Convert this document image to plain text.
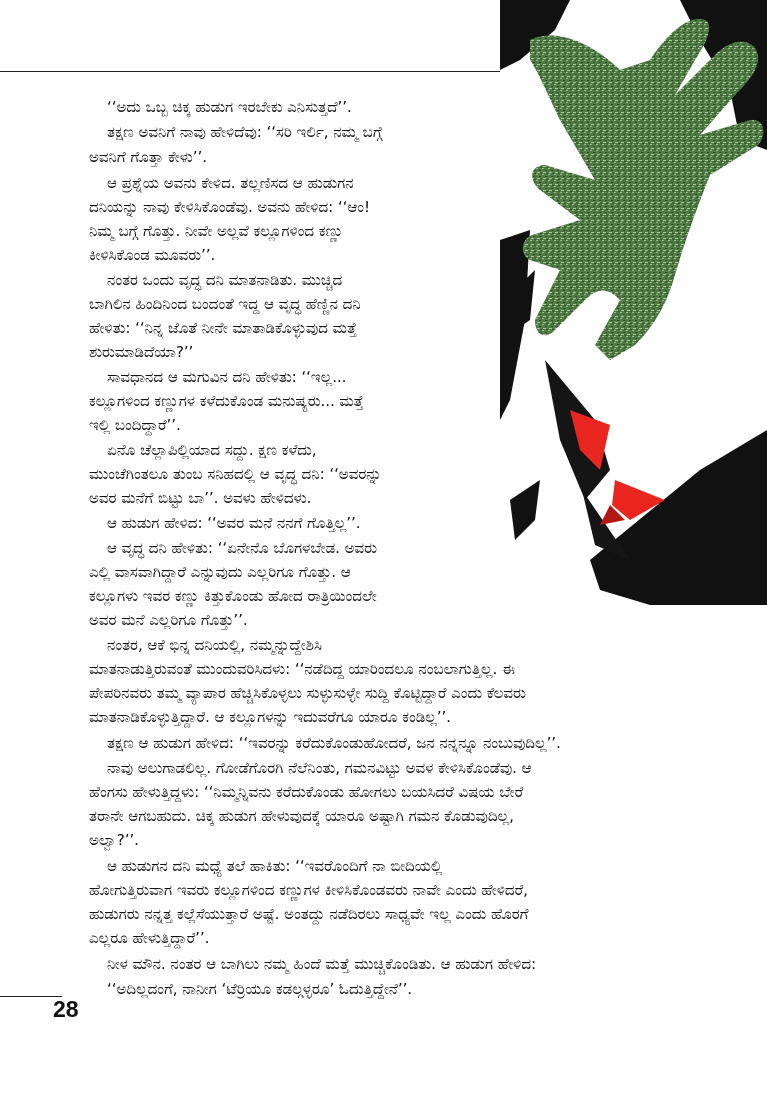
‘‘ಅದು ಒಬ್ಬ ಚಿಕ್ಕ ಹುಡುಗ ಇರಬೇಕು ಎನಿಸುತ್ತದೆ’’.
ತಕ್ಷಣ ಅವನಿಗೆ ನಾವು ಹೇಳಿದೆವು: ‘‘ಸರಿ ಇರ್ಲಿ, ನಮ್ಮ ಬಗ್ಗೆ
ಅವನಿಗೆ ಗೊತ್ತಾ ಕೇಳು’’.
ಆ ಪ್ರಶ್ನೆಯ ಅವನು ಕೇಳಿದ. ತಲ್ಲಣಿಸದ ಆ ಹುಡುಗನ
ದನಿಯನ್ನು ನಾವು ಕೇಳಿಸಿಕೊಂಡೆವು. ಅವನು ಹೇಳಿದ: ‘‘ಆಂ!
ನಿಮ್ಮ ಬಗ್ಗೆ ಗೊತ್ತು. ನೀವೇ ಅಲ್ಲವೆ ಕಲ್ಲೂಗಳಿಂದ ಕಣ್ಣು
ಕೀಳಿಸಿಕೊಂಡ ಮೂವರು’’.
ನಂತರ ಒಂದು ವೃದ್ಧ ದನಿ ಮಾತನಾಡಿತು. ಮುಚ್ಚಿದ
ಬಾಗಿಲಿನ ಹಿಂದಿನಿಂದ ಬಂದಂತೆ ಇದ್ದ ಆ ವೃದ್ಧ ಹೆಣ್ಣಿನ ದನಿ
ಹೇಳಿತು: ‘‘ನಿನ್ನ ಜೊತೆ ನೀನೇ ಮಾತಾಡಿಕೊಳ್ಳುವುದ ಮತ್ತೆ
ಶುರುಮಾಡಿದೆಯಾ?’’
ಸಾವಧಾನದ ಆ ಮಗುವಿನ ದನಿ ಹೇಳಿತು: ‘‘ಇಲ್ಲ...
ಕಲ್ಲೂಗಳಿಂದ ಕಣ್ಣುಗಳ ಕಳೆದುಕೊಂಡ ಮನುಷ್ಯರು... ಮತ್ತೆ
ಇಲ್ಲಿ ಬಂದಿದ್ದಾರೆ’’.
ಏನೊ ಚೆಲ್ಲಾಪಿಲ್ಲಿಯಾದ ಸದ್ದು. ಕ್ಷಣ ಕಳೆದು,
ಮುಂಚೆಗಿಂತಲೂ ತುಂಬ ಸನಿಹದಲ್ಲಿ ಆ ವೃದ್ಧ ದನಿ: ‘‘ಅವರನ್ನು
ಅವರ ಮನೆಗೆ ಬಿಟ್ಟು ಬಾ’’. ಅವಳು ಹೇಳಿದಳು.
ಆ ಹುಡುಗ ಹೇಳಿದ: ‘‘ಅವರ ಮನೆ ನನಗೆ ಗೊತ್ತಿಲ್ಲ’’.
ಆ ವೃದ್ಧ ದನಿ ಹೇಳಿತು: ‘‘ಏನೇನೊ ಬೊಗಳಬೇಡ. ಅವರು
ಎಲ್ಲಿ ವಾಸವಾಗಿದ್ದಾರೆ ಎನ್ನುವುದು ಎಲ್ಲರಿಗೂ ಗೊತ್ತು. ಆ
ಕಲ್ಲೂಗಳು ಇವರ ಕಣ್ಣು ಕಿತ್ತುಕೊಂಡು ಹೋದ ರಾತ್ರಿಯಿಂದಲೇ
ಅವರ ಮನೆ ಎಲ್ಲರಿಗೂ ಗೊತ್ತು’’.
ನಂತರ, ಆಕೆ ಭಿನ್ನ ದನಿಯಲ್ಲಿ, ನಮ್ಮನ್ನುದ್ದೇಶಿಸಿ
ಮಾತನಾಡುತ್ತಿರುವಂತೆ ಮುಂದುವರಿಸಿದಳು: ‘‘ನಡೆದಿದ್ದ ಯಾರಿಂದಲೂ ನಂಬಲಾಗುತ್ತಿಲ್ಲ. ಈ
ಪೇಪರಿನವರು ತಮ್ಮ ವ್ಯಾಪಾರ ಹೆಚ್ಚಿಸಿಕೊಳ್ಳಲು ಸುಳ್ಳುಸುಳ್ಳೇ ಸುದ್ದಿ ಕೊಟ್ಟಿದ್ದಾರೆ ಎಂದು ಕೆಲವರು
ಮಾತನಾಡಿಕೊಳ್ಳುತ್ತಿದ್ದಾರೆ. ಆ ಕಲ್ಲೂಗಳನ್ನು ಇದುವರೆಗೂ ಯಾರೂ ಕಂಡಿಲ್ಲ’’.
ತಕ್ಷಣ ಆ ಹುಡುಗ ಹೇಳಿದ: ‘‘ಇವರನ್ನು ಕರೆದುಕೊಂಡುಹೋದರೆ, ಜನ ನನ್ನನ್ನೂ ನಂಬುವುದಿಲ್ಲ’’.
ನಾವು ಅಲುಗಾಡಲಿಲ್ಲ. ಗೋಡೆಗೊರಗಿ ನೆಲೆನಿಂತು, ಗಮನವಿಟ್ಟು ಅವಳ ಕೇಳಿಸಿಕೊಂಡೆವು. ಆ
ಹೆಂಗಸು ಹೇಳುತ್ತಿದ್ದಳು: ‘‘ನಿಮ್ಮನ್ನಿವನು ಕರೆದುಕೊಂಡು ಹೋಗಲು ಬಯಸಿದರೆ ವಿಷಯ ಬೇರೆ
ತರಾನೇ ಆಗಬಹುದು. ಚಿಕ್ಕ ಹುಡುಗ ಹೇಳುವುದಕ್ಕೆ ಯಾರೂ ಅಷ್ಟಾಗಿ ಗಮನ ಕೊಡುವುದಿಲ್ಲ,
ಅಲ್ವಾ?’’.
ಆ ಹುಡುಗನ ದನಿ ಮಧ್ಯೆ ತಲೆ ಹಾಕಿತು: ‘‘ಇವರೊಂದಿಗೆ ನಾ ಬೀದಿಯಲ್ಲಿ
ಹೋಗುತ್ತಿರುವಾಗ ಇವರು ಕಲ್ಲೂಗಳಿಂದ ಕಣ್ಣುಗಳ ಕೀಳಿಸಿಕೊಂಡವರು ನಾವೇ ಎಂದು ಹೇಳಿದರೆ,
ಹುಡುಗರು ನನ್ನತ್ತ ಕಲ್ಲೆಸೆಯುತ್ತಾರೆ ಅಷ್ಟೆ. ಅಂತದ್ದು ನಡೆದಿರಲು ಸಾಧ್ಯವೇ ಇಲ್ಲ ಎಂದು ಹೊರಗೆ
ಎಲ್ಲರೂ ಹೇಳುತ್ತಿದ್ದಾರೆ’’.
ನೀಳ ಮೌನ. ನಂತರ ಆ ಬಾಗಿಲು ನಮ್ಮ ಹಿಂದೆ ಮತ್ತೆ ಮುಚ್ಚಿಕೊಂಡಿತು. ಆ ಹುಡುಗ ಹೇಳಿದ:
‘‘ಅದಿಲ್ಲದಂಗೆ, ನಾನೀಗ ‘ಟೆರ್ರಿಯೂ ಕಡಲ್ಗಳ್ಳರೂ’ ಓದುತ್ತಿದ್ದೇನೆ’’.
28
